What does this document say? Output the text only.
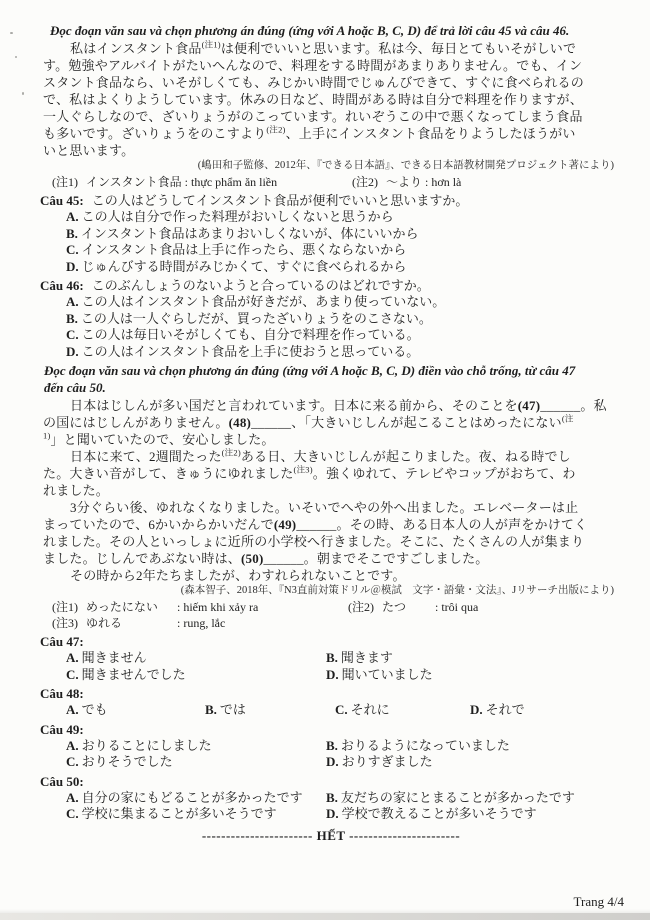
Đọc đoạn văn sau và chọn phương án đúng (ứng với A hoặc B, C, D) để trả lời câu 45 và câu 46.
私はインスタント食品$^{(注1)}$は便利でいいと思います。私は今、毎日とてもいそがしいで
す。勉強やアルバイトがたいへんなので、料理をする時間があまりありません。でも、イン
スタント食品なら、いそがしくても、みじかい時間でじゅんびできて、すぐに食べられるの
で、私はよくりようしています。休みの日など、時間がある時は自分で料理を作りますが、
一人ぐらしなので、ざいりょうがのこっています。れいぞうこの中で悪くなってしまう食品
も多いです。ざいりょうをのこすより$^{(注2)}$、上手にインスタント食品をりようしたほうがい
いと思います。
(嶋田和子監修、2012年、『できる日本語』、できる日本語教材開発プロジェクト著により)
(注1) インスタント食品 : thực phẩm ăn liền	(注2) ～より : hơn là
Câu 45: この人はどうしてインスタント食品が便利でいいと思いますか。
A. この人は自分で作った料理がおいしくないと思うから
B. インスタント食品はあまりおいしくないが、体にいいから
C. インスタント食品は上手に作ったら、悪くならないから
D. じゅんびする時間がみじかくて、すぐに食べられるから
Câu 46: このぶんしょうのないようと合っているのはどれですか。
A. この人はインスタント食品が好きだが、あまり使っていない。
B. この人は一人ぐらしだが、買ったざいりょうをのこさない。
C. この人は毎日いそがしくても、自分で料理を作っている。
D. この人はインスタント食品を上手に使おうと思っている。
Đọc đoạn văn sau và chọn phương án đúng (ứng với A hoặc B, C, D) điền vào chỗ trống, từ câu 47
đến câu 50.
日本はじしんが多い国だと言われています。日本に来る前から、そのことを(47)______。私
の国にはじしんがありません。(48)______、「大きいじしんが起こることはめったにない$^{(注}$
$^{1)}$」と聞いていたので、安心しました。
日本に来て、2週間たった$^{(注2)}$ある日、大きいじしんが起こりました。夜、ねる時でし
た。大きい音がして、きゅうにゆれました$^{(注3)}$。強くゆれて、テレビやコップがおちて、わ
れました。
3分ぐらい後、ゆれなくなりました。いそいでへやの外へ出ました。エレベーターは止
まっていたので、6かいからかいだんで(49)______。その時、ある日本人の人が声をかけてく
れました。その人といっしょに近所の小学校へ行きました。そこに、たくさんの人が集まり
ました。じしんであぶない時は、(50)______。朝までそこですごしました。
その時から2年たちましたが、わすれられないことです。
(森本智子、2018年、『N3直前対策ドリル＠模試　文字・語彙・文法』、Jリサーチ出版により)
(注1) めったにない : hiếm khi xảy ra	(注2) たつ : trôi qua
(注3) ゆれる	: rung, lắc
Câu 47:
A. 聞きません	B. 聞きます
C. 聞きませんでした	D. 聞いていました
Câu 48:
A. でも	B. では	C. それに	D. それで
Câu 49:
A. おりることにしました	B. おりるようになっていました
C. おりそうでした	D. おりすぎました
Câu 50:
A. 自分の家にもどることが多かったです	B. 友だちの家にとまることが多かったです
C. 学校に集まることが多いそうです	D. 学校で教えることが多いそうです
----------------------- HẾT -----------------------
Trang 4/4
